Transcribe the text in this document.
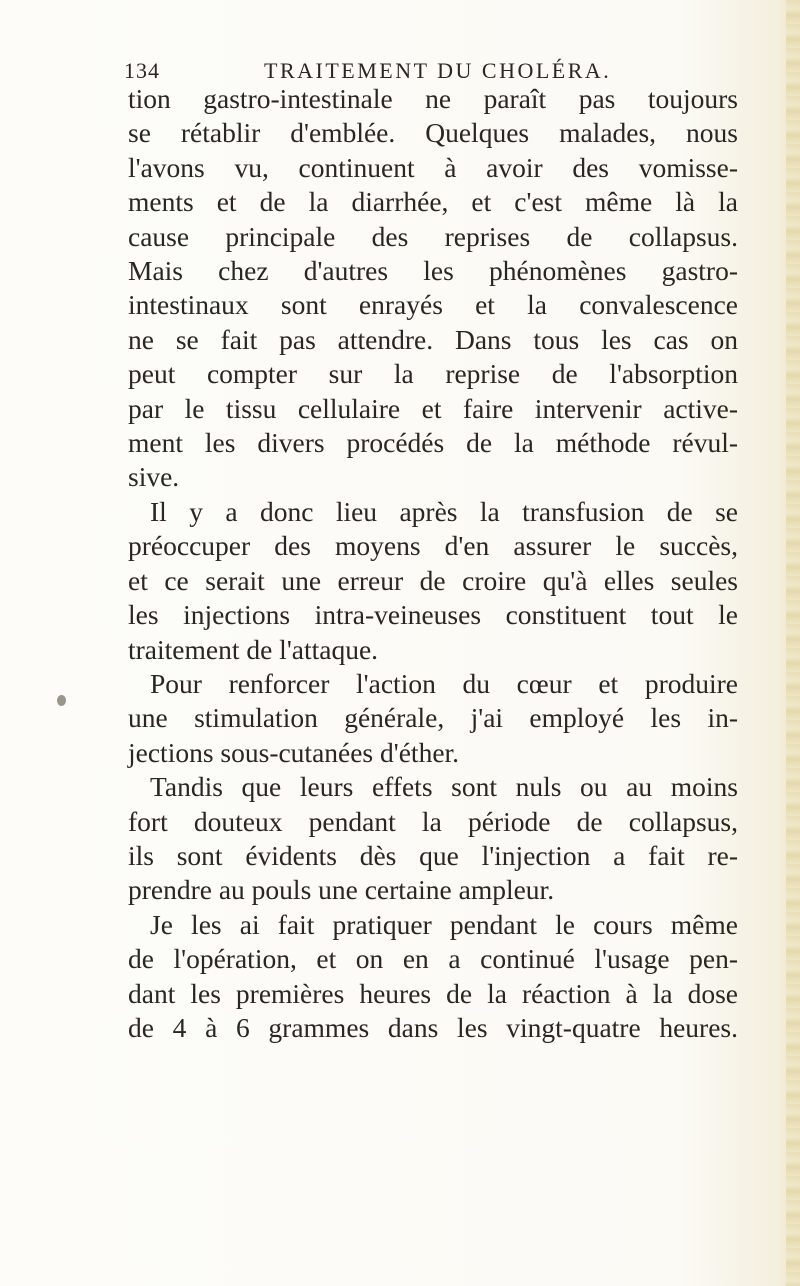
134	TRAITEMENT DU CHOLÉRA.
tion gastro-intestinale ne paraît pas toujours
se rétablir d'emblée. Quelques malades, nous
l'avons vu, continuent à avoir des vomisse-
ments et de la diarrhée, et c'est même là la
cause principale des reprises de collapsus.
Mais chez d'autres les phénomènes gastro-
intestinaux sont enrayés et la convalescence
ne se fait pas attendre. Dans tous les cas on
peut compter sur la reprise de l'absorption
par le tissu cellulaire et faire intervenir active-
ment les divers procédés de la méthode révul-
sive.
Il y a donc lieu après la transfusion de se
préoccuper des moyens d'en assurer le succès,
et ce serait une erreur de croire qu'à elles seules
les injections intra-veineuses constituent tout le
traitement de l'attaque.
Pour renforcer l'action du cœur et produire
une stimulation générale, j'ai employé les in-
jections sous-cutanées d'éther.
Tandis que leurs effets sont nuls ou au moins
fort douteux pendant la période de collapsus,
ils sont évidents dès que l'injection a fait re-
prendre au pouls une certaine ampleur.
Je les ai fait pratiquer pendant le cours même
de l'opération, et on en a continué l'usage pen-
dant les premières heures de la réaction à la dose
de 4 à 6 grammes dans les vingt-quatre heures.
